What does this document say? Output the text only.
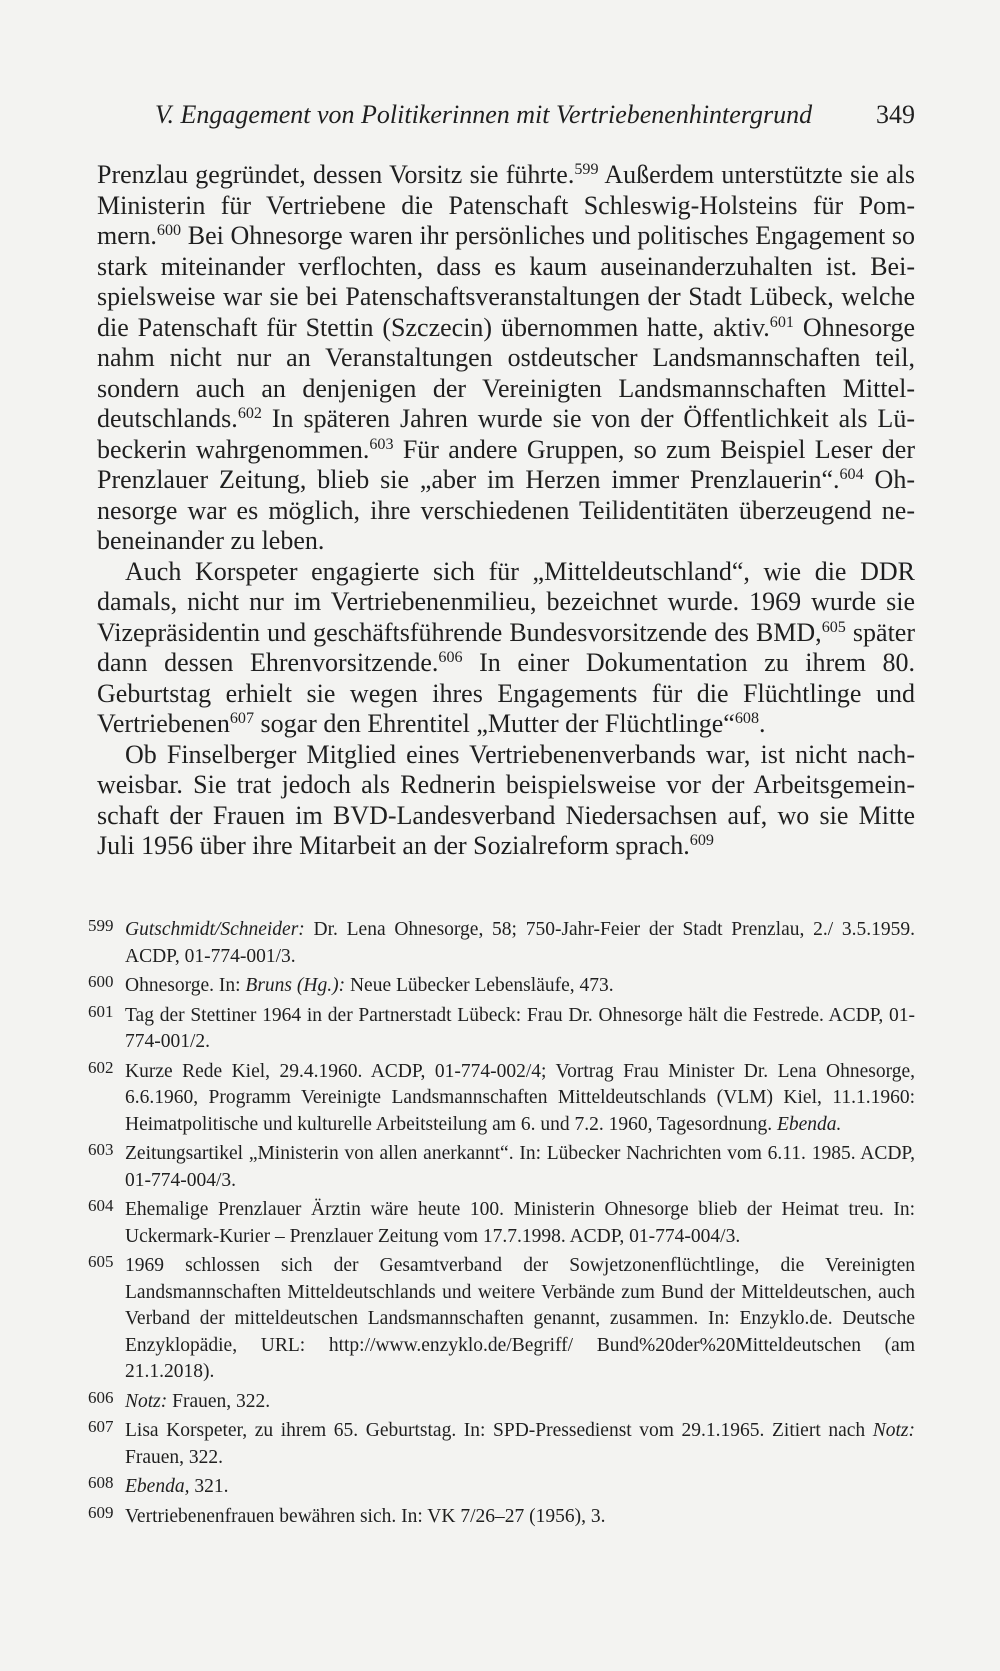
V. Engagement von Politikerinnen mit Vertriebenenhintergrund 349

Prenzlau gegründet, dessen Vorsitz sie führte.$^{599}$ Außerdem unterstützte sie als Ministerin für Vertriebene die Patenschaft Schleswig-Holsteins für Pommern.$^{600}$ Bei Ohnesorge waren ihr persönliches und politisches Engagement so stark miteinander verflochten, dass es kaum auseinanderzuhalten ist. Beispielsweise war sie bei Patenschaftsveranstaltungen der Stadt Lübeck, welche die Patenschaft für Stettin (Szczecin) übernommen hatte, aktiv.$^{601}$ Ohnesorge nahm nicht nur an Veranstaltungen ostdeutscher Landsmannschaften teil, sondern auch an denjenigen der Vereinigten Landsmannschaften Mitteldeutschlands.$^{602}$ In späteren Jahren wurde sie von der Öffentlichkeit als Lübeckerin wahrgenommen.$^{603}$ Für andere Gruppen, so zum Beispiel Leser der Prenzlauer Zeitung, blieb sie „aber im Herzen immer Prenzlauerin“.$^{604}$ Ohnesorge war es möglich, ihre verschiedenen Teilidentitäten überzeugend nebeneinander zu leben.

Auch Korspeter engagierte sich für „Mitteldeutschland“, wie die DDR damals, nicht nur im Vertriebenenmilieu, bezeichnet wurde. 1969 wurde sie Vizepräsidentin und geschäftsführende Bundesvorsitzende des BMD,$^{605}$ später dann dessen Ehrenvorsitzende.$^{606}$ In einer Dokumentation zu ihrem 80. Geburtstag erhielt sie wegen ihres Engagements für die Flüchtlinge und Vertriebenen$^{607}$ sogar den Ehrentitel „Mutter der Flüchtlinge“$^{608}$.

Ob Finselberger Mitglied eines Vertriebenenverbands war, ist nicht nachweisbar. Sie trat jedoch als Rednerin beispielsweise vor der Arbeitsgemeinschaft der Frauen im BVD-Landesverband Niedersachsen auf, wo sie Mitte Juli 1956 über ihre Mitarbeit an der Sozialreform sprach.$^{609}$

599 Gutschmidt/Schneider: Dr. Lena Ohnesorge, 58; 750-Jahr-Feier der Stadt Prenzlau, 2./ 3.5.1959. ACDP, 01-774-001/3.
600 Ohnesorge. In: Bruns (Hg.): Neue Lübecker Lebensläufe, 473.
601 Tag der Stettiner 1964 in der Partnerstadt Lübeck: Frau Dr. Ohnesorge hält die Festrede. ACDP, 01-774-001/2.
602 Kurze Rede Kiel, 29.4.1960. ACDP, 01-774-002/4; Vortrag Frau Minister Dr. Lena Ohnesorge, 6.6.1960, Programm Vereinigte Landsmannschaften Mitteldeutschlands (VLM) Kiel, 11.1.1960: Heimatpolitische und kulturelle Arbeitsteilung am 6. und 7.2. 1960, Tagesordnung. Ebenda.
603 Zeitungsartikel „Ministerin von allen anerkannt“. In: Lübecker Nachrichten vom 6.11. 1985. ACDP, 01-774-004/3.
604 Ehemalige Prenzlauer Ärztin wäre heute 100. Ministerin Ohnesorge blieb der Heimat treu. In: Uckermark-Kurier – Prenzlauer Zeitung vom 17.7.1998. ACDP, 01-774-004/3.
605 1969 schlossen sich der Gesamtverband der Sowjetzonenflüchtlinge, die Vereinigten Landsmannschaften Mitteldeutschlands und weitere Verbände zum Bund der Mitteldeutschen, auch Verband der mitteldeutschen Landsmannschaften genannt, zusammen. In: Enzyklo.de. Deutsche Enzyklopädie, URL: http://www.enzyklo.de/Begriff/ Bund%20der%20Mitteldeutschen (am 21.1.2018).
606 Notz: Frauen, 322.
607 Lisa Korspeter, zu ihrem 65. Geburtstag. In: SPD-Pressedienst vom 29.1.1965. Zitiert nach Notz: Frauen, 322.
608 Ebenda, 321.
609 Vertriebenenfrauen bewähren sich. In: VK 7/26–27 (1956), 3.
